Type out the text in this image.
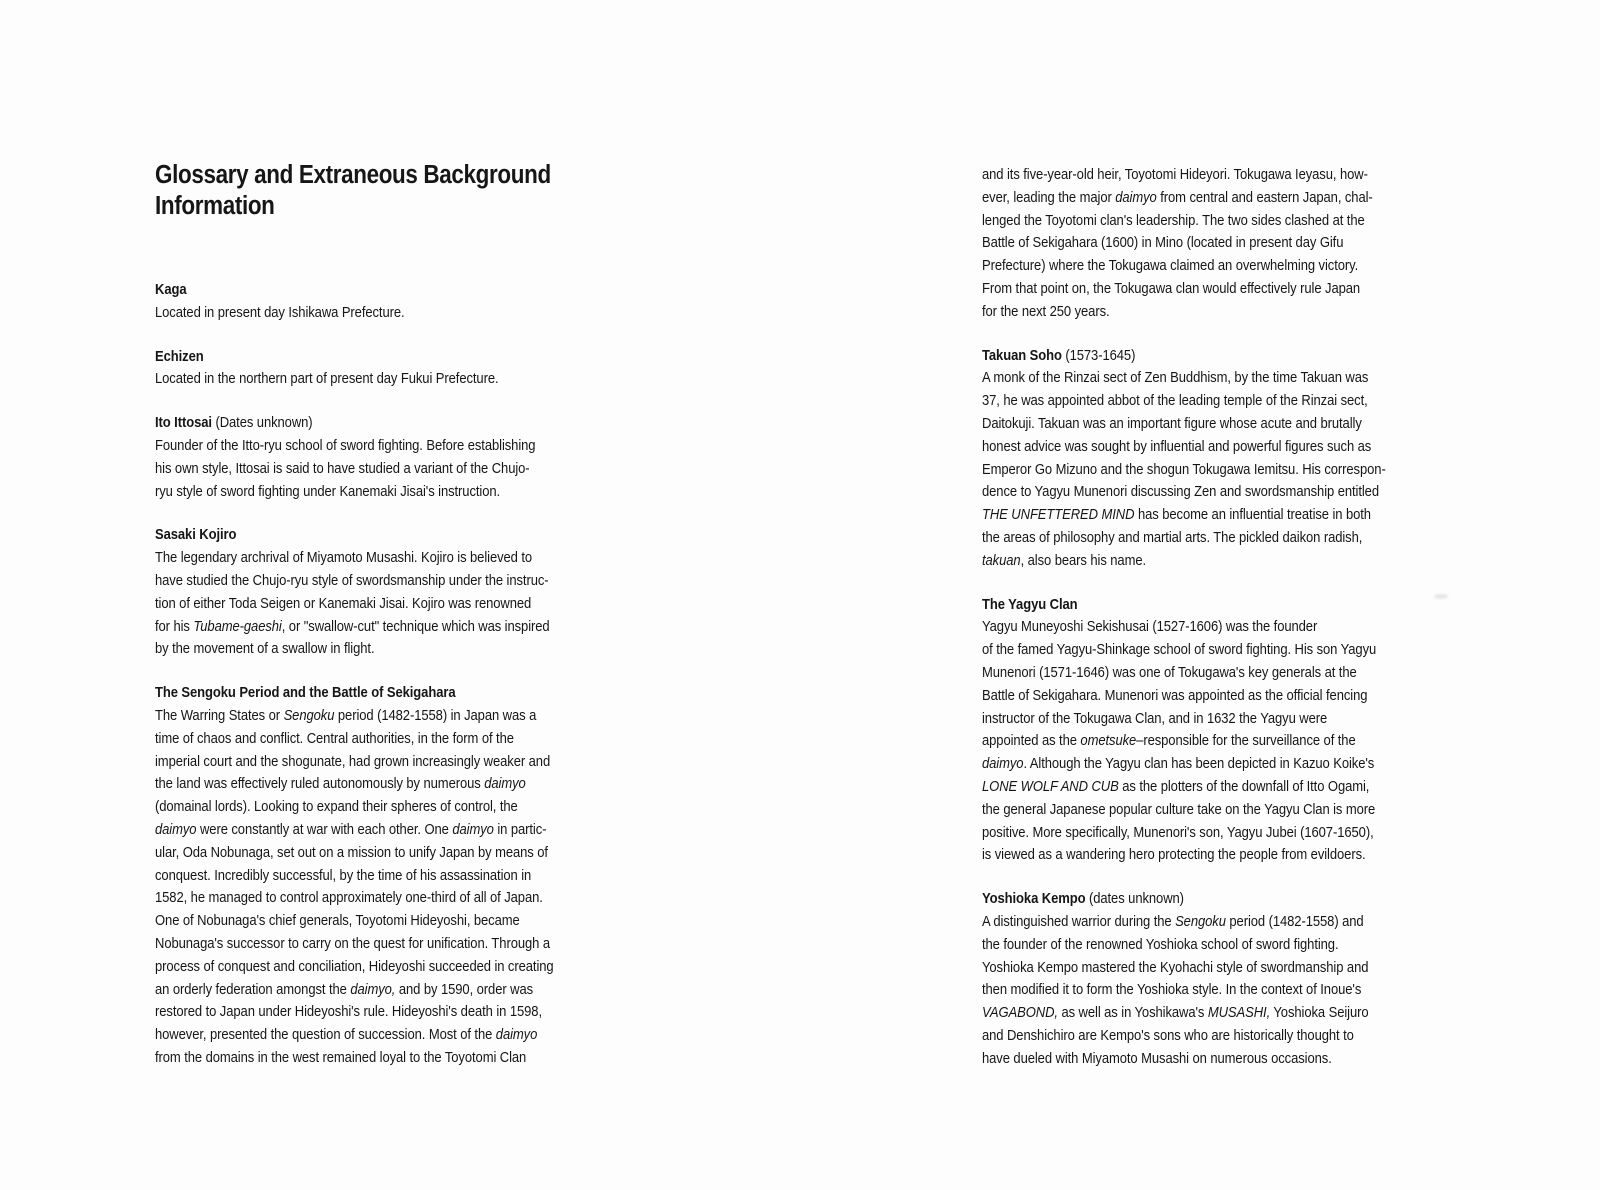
Glossary and Extraneous Background
Information
Kaga

Located in present day Ishikawa Prefecture.

Echizen

Located in the northern part of present day Fukui Prefecture.

Ito Ittosai (Dates unknown)

Founder of the Itto-ryu school of sword fighting. Before establishing
his own style, Ittosai is said to have studied a variant of the Chujo-
ryu style of sword fighting under Kanemaki Jisai's instruction.

Sasaki Kojiro

The legendary archrival of Miyamoto Musashi. Kojiro is believed to
have studied the Chujo-ryu style of swordsmanship under the instruc-
tion of either Toda Seigen or Kanemaki Jisai. Kojiro was renowned
for his Tubame-gaeshi, or "swallow-cut" technique which was inspired
by the movement of a swallow in flight.

The Sengoku Period and the Battle of Sekigahara

The Warring States or Sengoku period (1482-1558) in Japan was a
time of chaos and conflict. Central authorities, in the form of the
imperial court and the shogunate, had grown increasingly weaker and
the land was effectively ruled autonomously by numerous daimyo
(domainal lords). Looking to expand their spheres of control, the
daimyo were constantly at war with each other. One daimyo in partic-
ular, Oda Nobunaga, set out on a mission to unify Japan by means of
conquest. Incredibly successful, by the time of his assassination in
1582, he managed to control approximately one-third of all of Japan.
One of Nobunaga's chief generals, Toyotomi Hideyoshi, became
Nobunaga's successor to carry on the quest for unification. Through a
process of conquest and conciliation, Hideyoshi succeeded in creating
an orderly federation amongst the daimyo, and by 1590, order was
restored to Japan under Hideyoshi's rule. Hideyoshi's death in 1598,
however, presented the question of succession. Most of the daimyo
from the domains in the west remained loyal to the Toyotomi Clan

and its five-year-old heir, Toyotomi Hideyori. Tokugawa Ieyasu, how-
ever, leading the major daimyo from central and eastern Japan, chal-
lenged the Toyotomi clan's leadership. The two sides clashed at the
Battle of Sekigahara (1600) in Mino (located in present day Gifu
Prefecture) where the Tokugawa claimed an overwhelming victory.
From that point on, the Tokugawa clan would effectively rule Japan
for the next 250 years.

Takuan Soho (1573-1645)

A monk of the Rinzai sect of Zen Buddhism, by the time Takuan was
37, he was appointed abbot of the leading temple of the Rinzai sect,
Daitokuji. Takuan was an important figure whose acute and brutally
honest advice was sought by influential and powerful figures such as
Emperor Go Mizuno and the shogun Tokugawa Iemitsu. His correspon-
dence to Yagyu Munenori discussing Zen and swordsmanship entitled
THE UNFETTERED MIND has become an influential treatise in both
the areas of philosophy and martial arts. The pickled daikon radish,
takuan, also bears his name.

The Yagyu Clan

Yagyu Muneyoshi Sekishusai (1527-1606) was the founder
of the famed Yagyu-Shinkage school of sword fighting. His son Yagyu
Munenori (1571-1646) was one of Tokugawa's key generals at the
Battle of Sekigahara. Munenori was appointed as the official fencing
instructor of the Tokugawa Clan, and in 1632 the Yagyu were
appointed as the ometsuke–responsible for the surveillance of the
daimyo. Although the Yagyu clan has been depicted in Kazuo Koike's
LONE WOLF AND CUB as the plotters of the downfall of Itto Ogami,
the general Japanese popular culture take on the Yagyu Clan is more
positive. More specifically, Munenori's son, Yagyu Jubei (1607-1650),
is viewed as a wandering hero protecting the people from evildoers.

Yoshioka Kempo (dates unknown)

A distinguished warrior during the Sengoku period (1482-1558) and
the founder of the renowned Yoshioka school of sword fighting.
Yoshioka Kempo mastered the Kyohachi style of swordmanship and
then modified it to form the Yoshioka style. In the context of Inoue's
VAGABOND, as well as in Yoshikawa's MUSASHI, Yoshioka Seijuro
and Denshichiro are Kempo's sons who are historically thought to
have dueled with Miyamoto Musashi on numerous occasions.
